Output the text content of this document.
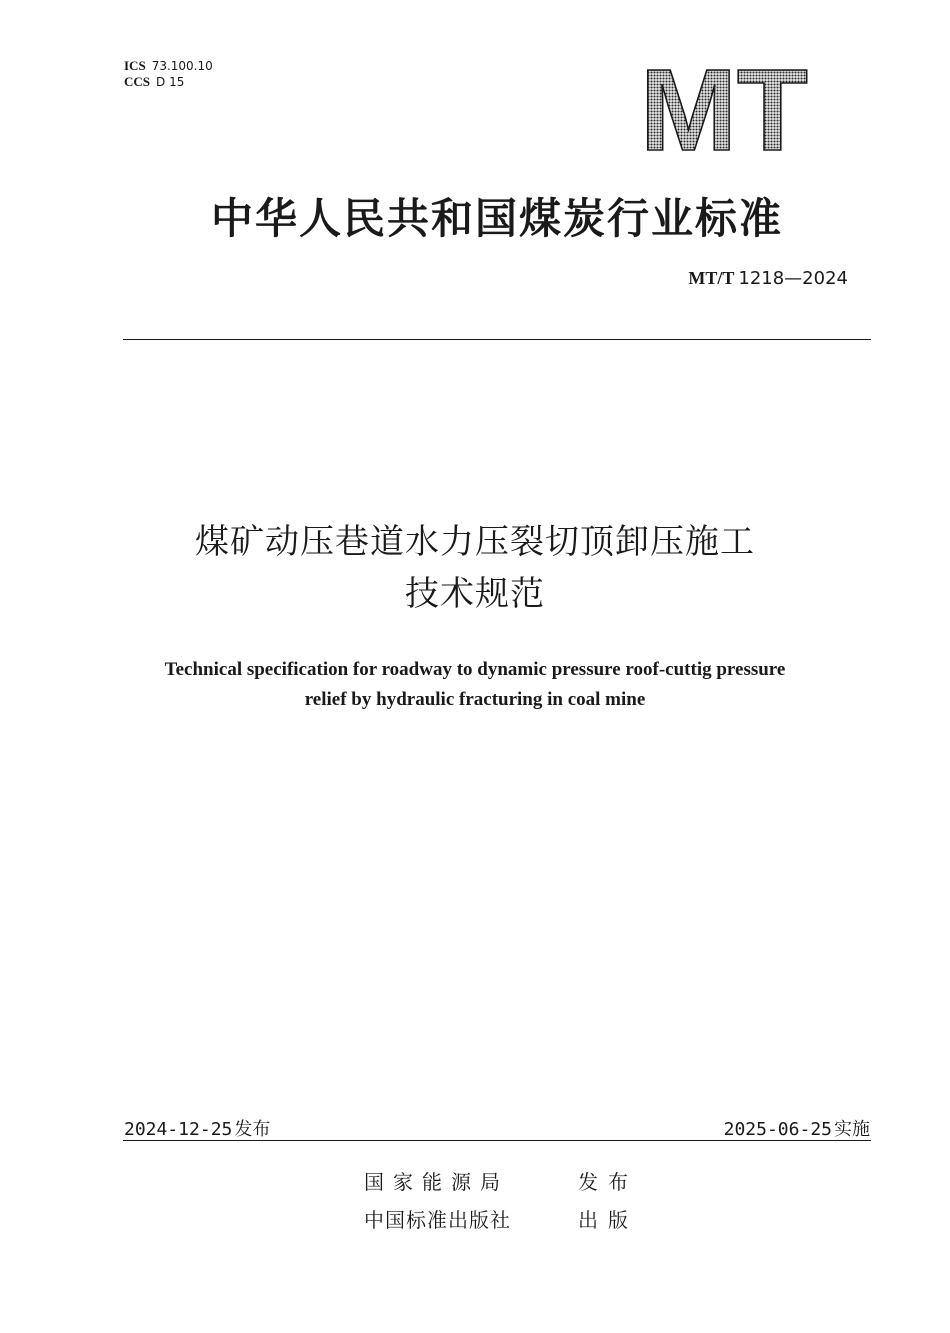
ICS 73.100.10
CCS D 15	MT
中华人民共和国煤炭行业标准
MT/T 1218—2024
煤矿动压巷道水力压裂切顶卸压施工
技术规范
Technical specification for roadway to dynamic pressure roof-cuttig pressure
relief by hydraulic fracturing in coal mine
2024-12-25 发布	2025-06-25 实施
国家能源局	发布
中国标准出版社	出版
